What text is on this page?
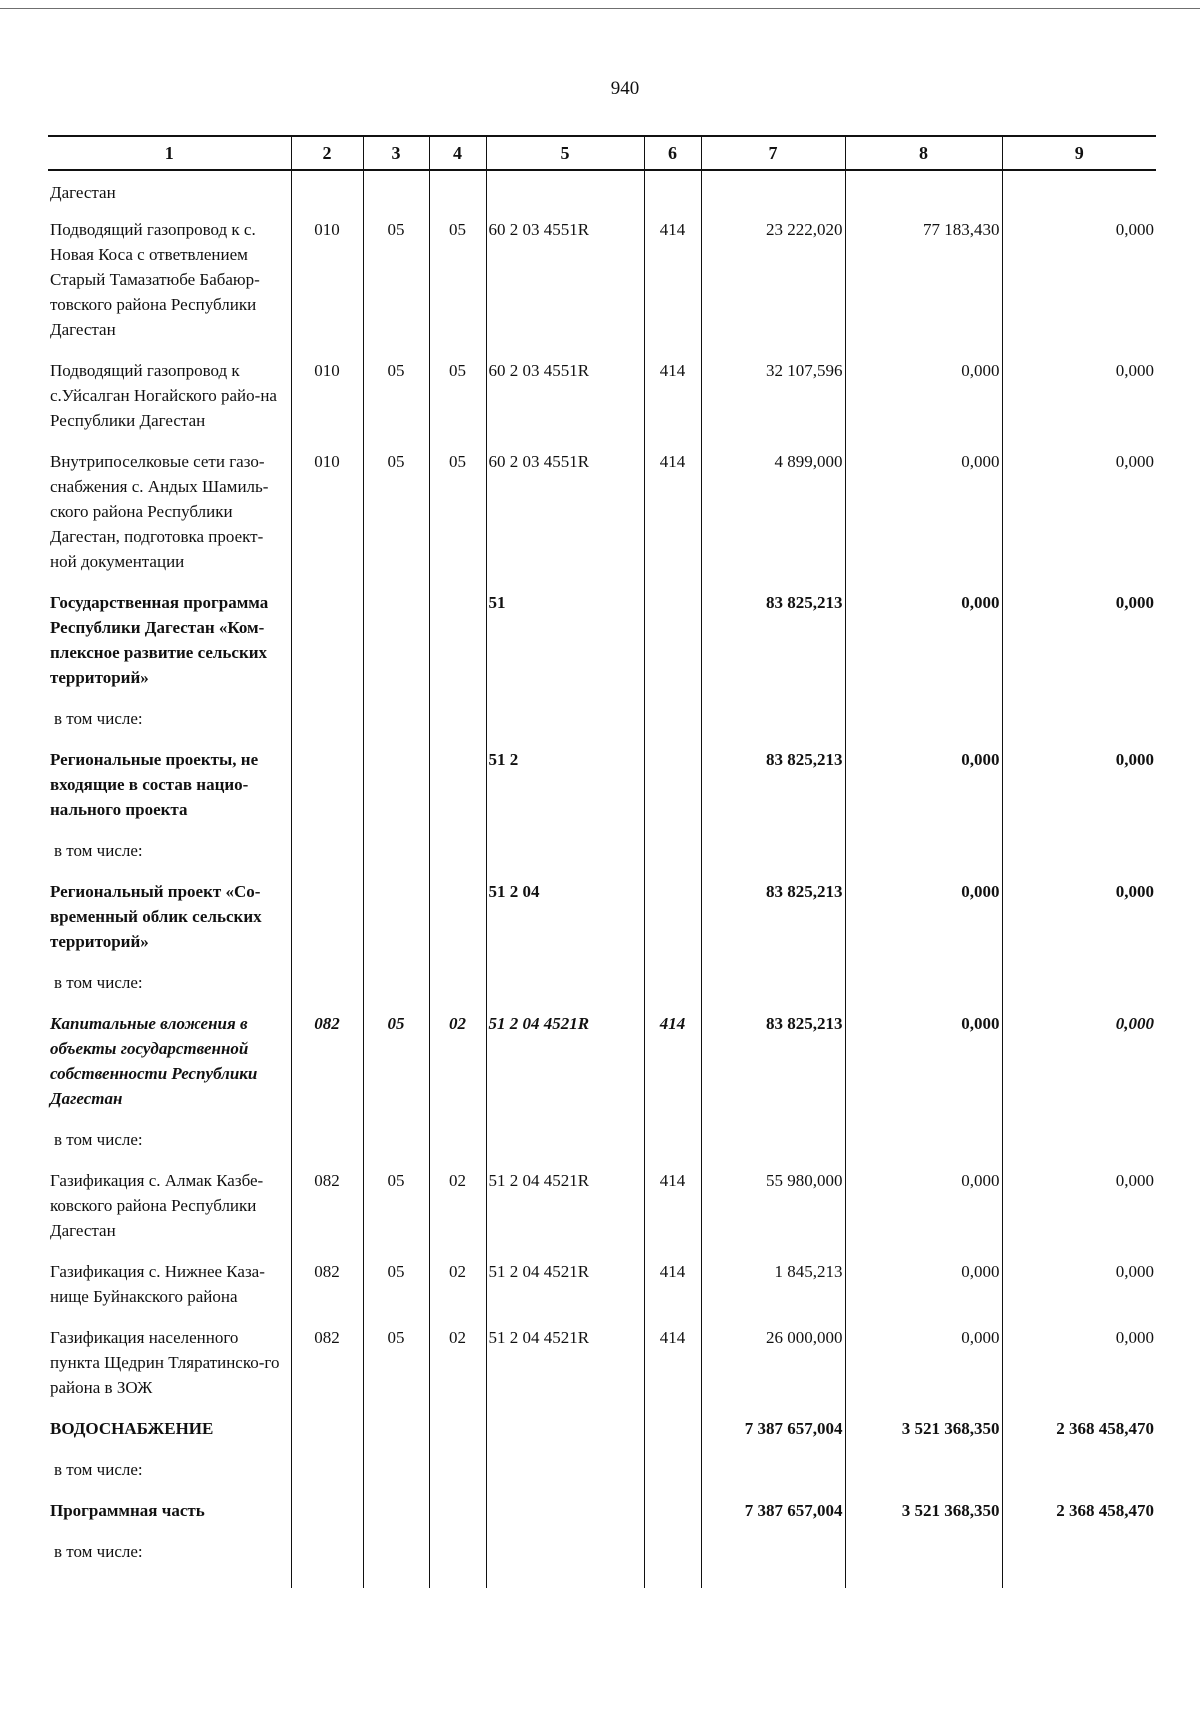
940
1	2	3	4	5	6	7	8	9
Дагестан								
Подводящий газопровод к с. Новая Коса с ответвлением Старый Тамазатюбе Бабаюр-товского района Республики Дагестан	010	05	05	60 2 03 4551R	414	23 222,020	77 183,430	0,000
Подводящий газопровод к с.Уйсалган Ногайского райо-на Республики Дагестан	010	05	05	60 2 03 4551R	414	32 107,596	0,000	0,000
Внутрипоселковые сети газо-снабжения с. Андых Шамиль-ского района Республики Дагестан, подготовка проект-ной документации	010	05	05	60 2 03 4551R	414	4 899,000	0,000	0,000
Государственная программа Республики Дагестан «Ком-плексное развитие сельских территорий»				51		83 825,213	0,000	0,000
в том числе:								
Региональные проекты, не входящие в состав нацио-нального проекта				51 2		83 825,213	0,000	0,000
в том числе:								
Региональный проект «Со-временный облик сельских территорий»				51 2 04		83 825,213	0,000	0,000
в том числе:								
Капитальные вложения в объекты государственной собственности Республики Дагестан	082	05	02	51 2 04 4521R	414	83 825,213	0,000	0,000
в том числе:								
Газификация с. Алмак Казбе-ковского района Республики Дагестан	082	05	02	51 2 04 4521R	414	55 980,000	0,000	0,000
Газификация с. Нижнее Каза-нище Буйнакского района	082	05	02	51 2 04 4521R	414	1 845,213	0,000	0,000
Газификация населенного пункта Щедрин Тляратинско-го района в ЗОЖ	082	05	02	51 2 04 4521R	414	26 000,000	0,000	0,000
ВОДОСНАБЖЕНИЕ						7 387 657,004	3 521 368,350	2 368 458,470
в том числе:								
Программная часть						7 387 657,004	3 521 368,350	2 368 458,470
в том числе:								
